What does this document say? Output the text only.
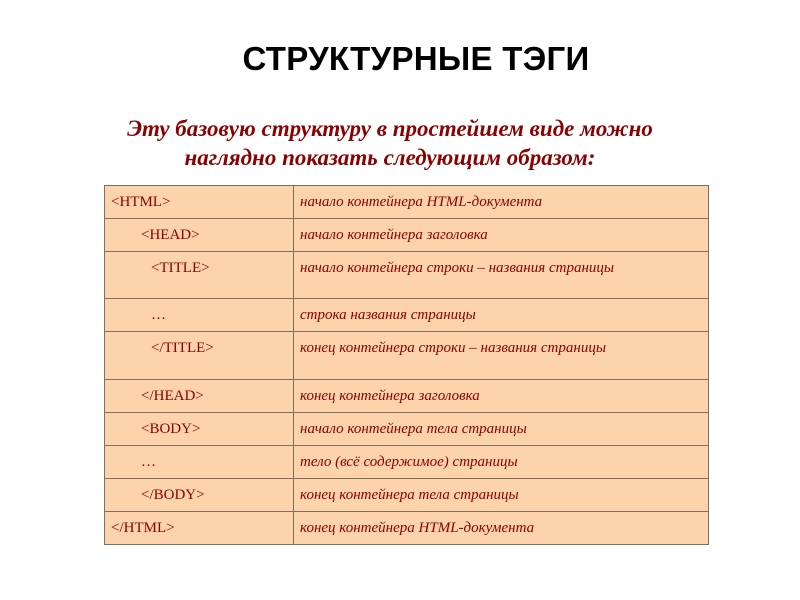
СТРУКТУРНЫЕ ТЭГИ
Эту базовую структуру в простейшем виде можно
наглядно показать следующим образом:
<HTML>	начало контейнера HTML-документа
<HEAD>	начало контейнера заголовка
<TITLE>	начало контейнера строки – названия страницы
…	строка названия страницы
</TITLE>	конец контейнера строки – названия страницы
</HEAD>	конец контейнера заголовка
<BODY>	начало контейнера тела страницы
…	тело (всё содержимое) страницы
</BODY>	конец контейнера тела страницы
</HTML>	конец контейнера HTML-документа
